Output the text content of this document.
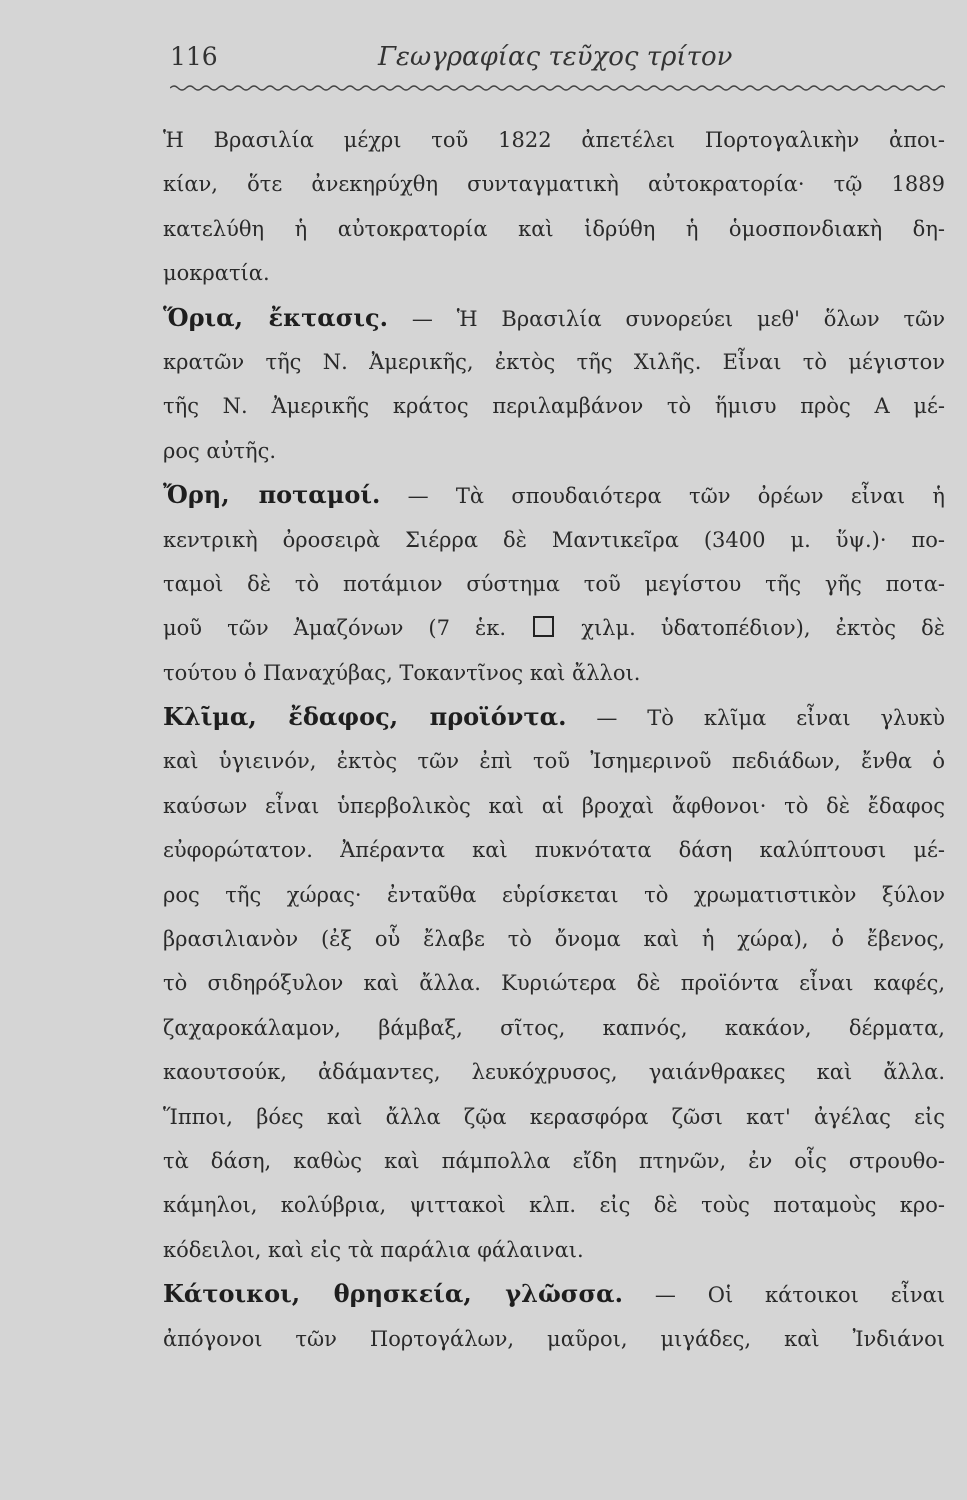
116	Γεωγραφίας τεῦχος τρίτον
Ἡ Βρασιλία μέχρι τοῦ 1822 ἀπετέλει Πορτογαλικὴν ἀποι-
κίαν, ὅτε ἀνεκηρύχθη συνταγματικὴ αὐτοκρατορία· τῷ 1889
κατελύθη ἡ αὐτοκρατορία καὶ ἱδρύθη ἡ ὁμοσπονδιακὴ δη-
μοκρατία.
Ὅρια, ἔκτασις. — Ἡ Βρασιλία συνορεύει μεθ' ὅλων τῶν
κρατῶν τῆς Ν. Ἀμερικῆς, ἐκτὸς τῆς Χιλῆς. Εἶναι τὸ μέγιστον
τῆς Ν. Ἀμερικῆς κράτος περιλαμβάνον τὸ ἥμισυ πρὸς Α μέ-
ρος αὐτῆς.
Ὄρη, ποταμοί. — Τὰ σπουδαιότερα τῶν ὀρέων εἶναι ἡ
κεντρικὴ ὀροσειρὰ Σιέρρα δὲ Μαντικεῖρα (3400 μ. ὕψ.)· πο-
ταμοὶ δὲ τὸ ποτάμιον σύστημα τοῦ μεγίστου τῆς γῆς ποτα-
μοῦ τῶν Ἀμαζόνων (7 ἑκ.	χιλμ. ὑδατοπέδιον), ἐκτὸς δὲ
τούτου ὁ Παναχύβας, Τοκαντῖνος καὶ ἄλλοι.
Κλῖμα, ἔδαφος, προϊόντα. — Τὸ κλῖμα εἶναι γλυκὺ
καὶ ὑγιεινόν, ἐκτὸς τῶν ἐπὶ τοῦ Ἰσημερινοῦ πεδιάδων, ἔνθα ὁ
καύσων εἶναι ὑπερβολικὸς καὶ αἱ βροχαὶ ἄφθονοι· τὸ δὲ ἔδαφος
εὐφορώτατον. Ἀπέραντα καὶ πυκνότατα δάση καλύπτουσι μέ-
ρος τῆς χώρας· ἐνταῦθα εὑρίσκεται τὸ χρωματιστικὸν ξύλον
βρασιλιανὸν (ἐξ οὗ ἔλαβε τὸ ὄνομα καὶ ἡ χώρα), ὁ ἔβενος,
τὸ σιδηρόξυλον καὶ ἄλλα. Κυριώτερα δὲ προϊόντα εἶναι καφές,
ζαχαροκάλαμον, βάμβαξ, σῖτος, καπνός, κακάον, δέρματα,
καουτσούκ, ἀδάμαντες, λευκόχρυσος, γαιάνθρακες καὶ ἄλλα.
Ἵπποι, βόες καὶ ἄλλα ζῷα κερασφόρα ζῶσι κατ' ἀγέλας εἰς
τὰ δάση, καθὼς καὶ πάμπολλα εἴδη πτηνῶν, ἐν οἷς στρουθο-
κάμηλοι, κολύβρια, ψιττακοὶ κλπ. εἰς δὲ τοὺς ποταμοὺς κρο-
κόδειλοι, καὶ εἰς τὰ παράλια φάλαιναι.
Κάτοικοι, θρησκεία, γλῶσσα. — Οἱ κάτοικοι εἶναι
ἀπόγονοι τῶν Πορτογάλων, μαῦροι, μιγάδες, καὶ Ἰνδιάνοι
